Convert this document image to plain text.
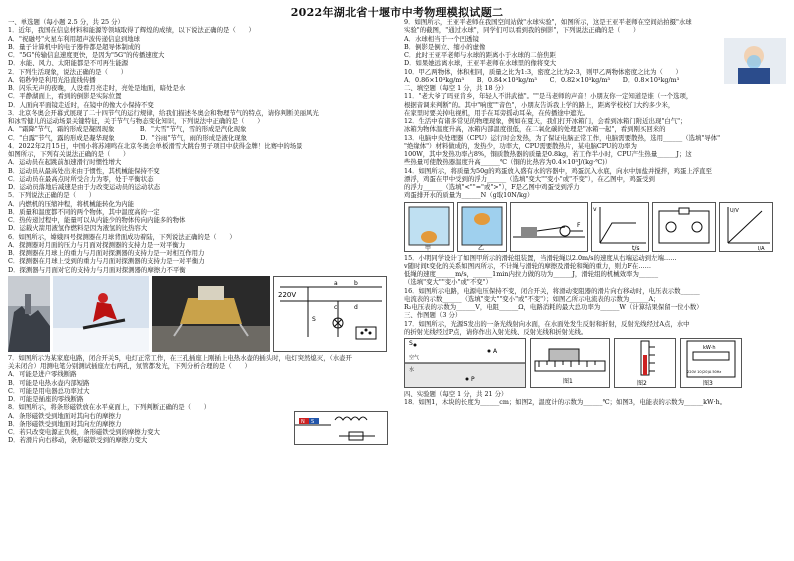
2022年湖北省十堰市中考物理模拟试题二
一、单选题（每小题 2.5 分，共 25 分）
1．近年，我国在信息材料和能源等领域取得了辉煌的成绩，以下说法正确的是（　　）
A．"祝融号"火星车利用超声波传递信息到地球
B．量子计算机中的电子器件都是超导体制成的
C．"5G"传输信息速度更快，是因为"5G"的传播速度大
D．水能、风力、太阳能都是不可再生能源
2．下列生活现象，说法正确的是（　　）
A．铅秒钟是利用光沿直线传播
B．闪乐无声的夜晚，人设看月亮走时，亮处是地面，暗处是水
C．平静湖面上，看到的倒影是实际位置
D．人面向平面镜走近时，在镜中的像大小保持不变
3．北京冬奥会开幕式展现了二十四节气的运行规律，给我们描述冬奥会和物理节气的特点，请你判断美丽风光
和冰雪健儿的运动场景关键特征，关于节气与物态变化知识，下列说法中正确的是（　　）
A．"霜降"节气，霜的形成是凝固现象　　　　B．"大雪"节气，雪的形成是汽化现象
C．"白露"节气，露的形成是凝华现象　　　　D．"谷雨"节气，雨的形成是液化现象
4．2022年2月15日，中国小将苏翊鸣在北京冬奥会单板滑雪大跳台男子项目中获得金牌！比赛中的场景
如图所示，下列有关说法正确的是（　　）
A．运动员在起跳前加速滑行时惯性增大
B．运动员从最高处出来由于惯性，其机械能保持不变
C．运动员在最高点时所受合力为零，处于平衡状态
D．运动员落地后减速是由于力改变运动员的运动状态
5．下列说法正确的是（　　）
A．内燃机的压缩冲程，将机械能转化为内能
B．质量和温度都不同的两个物体，其中温度高的一定
C．热传递过程中，能量可以从内能少的物体传向内能多的物体
D．运载火箭用液氢作燃料是因为液氢的比热容大
6．如图所示，嫦娥四号探测器在月球背面成功着陆，下列说法正确的是（　　）
A．探测器对月面的压力与月面对探测器的支持力是一对平衡力
B．探测器在月球上的重力与月面对探测器的支持力是一对相互作用力
C．探测器在月球上受到的重力与月面对探测器的支持力是一对平衡力
D．探测器与月面对它的支持力与月面对探测器的摩擦力不平衡
220V
a	b
c	d
S
7．如图所示为某家庭电路，闭合开关S，电灯正常工作，在三孔插座上刚插上电热水壶的插头时，电灯突然熄灭，（水壶开
关未闭合）用测电笔分别测试插座左右两孔，氖管都发光，下列分析合理的是（　　）
A．可能是进户零线断路
B．可能是电热水壶内部短路
C．可能是用电器总功率过大
D．可能是插座的零线断路
8．如图所示，将条形磁铁放在水平桌面上，下列判断正确的是（　　）
A．条形磁铁受到地面对其向右的摩擦力
B．条形磁铁受到地面对其向左的摩擦力
C．若只改变电源正负极，条形磁铁受到的摩擦力变大
D．若滑片向右移动，条形磁铁受到的摩擦力变大
N S
9．如图所示，王亚平老师在我国空间站做"水球实验"，如图所示，这是王亚平老师在空间站拍摄"水球
实验"的截图，"通过水球"，同学们可以看到我的倒影"，下列说法正确的是（　　）
A．水球相当于一个凹透镜
B．倒影是倒立、缩小的虚像
C．此时王亚平老师与水球的距离小于水球的二倍焦距
D．如果她远离水球，王亚平老师在水球里的像将变大
10．甲乙两物体，体积相同，质量之比为1:3，密度之比为2:3，则甲乙两物体密度之比为（　　）
A．0.86×10³kg/m³　　B．0.84×10³kg/m³　　C．0.82×10³kg/m³　　D．0.8×10³kg/m³
二、填空题（每空 1 分，共 18 分）
11．"老大爷了吗亚肯乡，年轻人不讲武德"。""是马老师的声音！小朋友你一定知道是谁（一个选项，
根据音调来判断"的。其中"响度""音色"，小朋友告诉我上学的路上，距离学校校门大约多少米，
在家里时要关掉电视机，用手在耳旁摇动耳朵，在传播途中遮光。
12．生活中有诸多常见的物理现象，例如在夏天，我们打开冰箱门，会看到冰箱门附近出现"白气"；
冰箱为物体温度升高，冰箱内部温度很低，在二氧化碳的处理是"冰箱一起"，看到刚买回来的
13．电脑中央处理器（CPU）运行时会发热，为了保证电脑正常工作，电脑需要散热，选用______（选填"导体"
"绝缘体"）材料做成的，发热少，功率大，CPU需要散热片，某电脑CPU的功率为
100W，其中发热功率占8%，铜质散热器的质量是0.8kg，若工作半小时，CPU产生热量______J；这
些热量可使散热器温度升高______℃（铜的比热容为0.4×10³J/(kg·℃)）
14．如图所示，将质量为50g的鸡蛋放入盛有水的容器中，鸡蛋沉入水底，向水中加盐并搅拌，鸡蛋上浮直至
漂浮，鸡蛋在甲中受到的浮力______（选填"变大""变小"或"不变"），在乙图中，鸡蛋受到
的浮力______（选填"<""="或">"），F是乙图中鸡蛋受到浮力
鸡蛋排开水的质量为______N（g取10N/kg）
甲	乙
F
v
t/s
U/V
I/A
15．小明同学设计了如图甲所示的滑轮组装置，当滑轮绳以2.0m/s的速度从右端运动到左端……
v随时间t变化的关系如图丙所示，不计绳与滑轮的摩擦及滑轮和绳的重力，则力F在……
低绳的速度______m/s，______1min内拉力做的功为______J，滑轮组的机械效率为______
（选填"变大""变小"或"不变"）
16．如图所示电路，电源电压保持不变，闭合开关，将滑动变阻器的滑片向右移动时，电压表示数______
电流表的示数______（选填"变大""变小"或"不变"）；如图乙所示电流表的示数为______A；
R₂电压表的示数为______V，电阻______Ω，电路消耗的最大总功率为______W（计算结果保留一位小数）
三、作图题（3 分）
17．如图所示，光源S发出的一条光线射向水面，在水面处发生反射和折射，反射光线经过A点，水中
的折射光线经过P点，请你作出入射光线、反射光线和折射光线。
S
A
P
空气
水
图1	图2
kW·h
220V 10(20)A 50Hz
图3
四、实验题（每空 1 分，共 21 分）
18．如图1，木块的长度为______cm；如图2，温度计的示数为______℃；如图3，电能表的示数为______kW·h。
